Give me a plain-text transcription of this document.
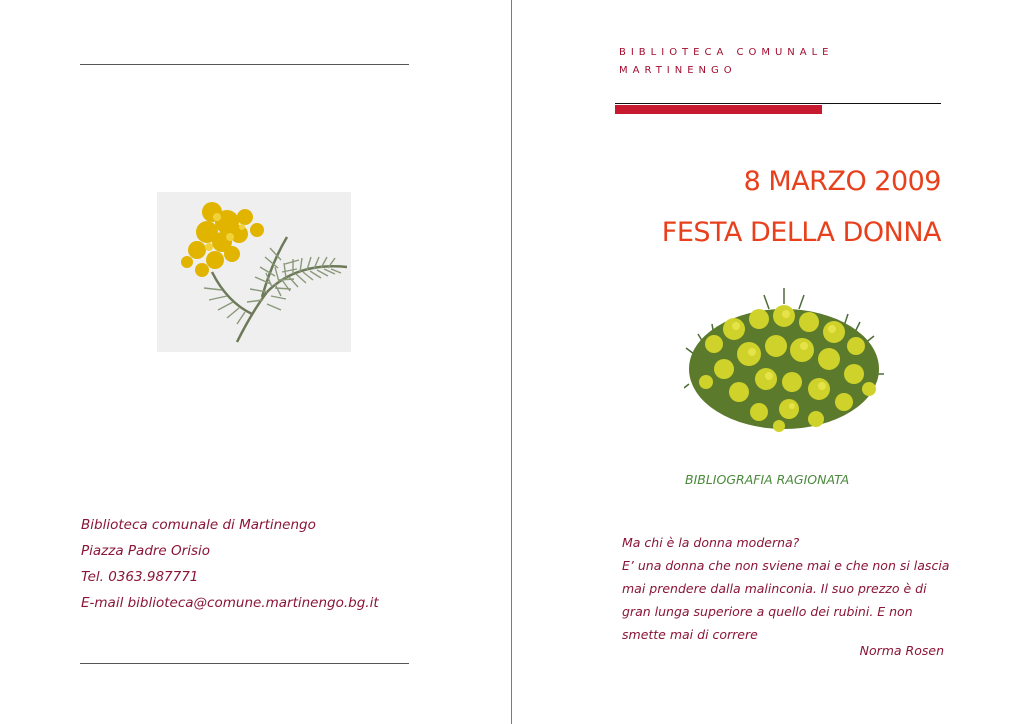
Biblioteca comunale di Martinengo
Piazza Padre Orisio
Tel. 0363.987771
E-mail biblioteca@comune.martinengo.bg.it
BIBLIOTECA COMUNALE
MARTINENGO
8 MARZO 2009
FESTA DELLA DONNA
BIBLIOGRAFIA RAGIONATA
Ma chi è la donna moderna?
E’ una donna che non sviene mai e che non si lascia
mai prendere dalla malinconia. Il suo prezzo è di
gran lunga superiore a quello dei rubini. E non
smette mai di correre
Norma Rosen
